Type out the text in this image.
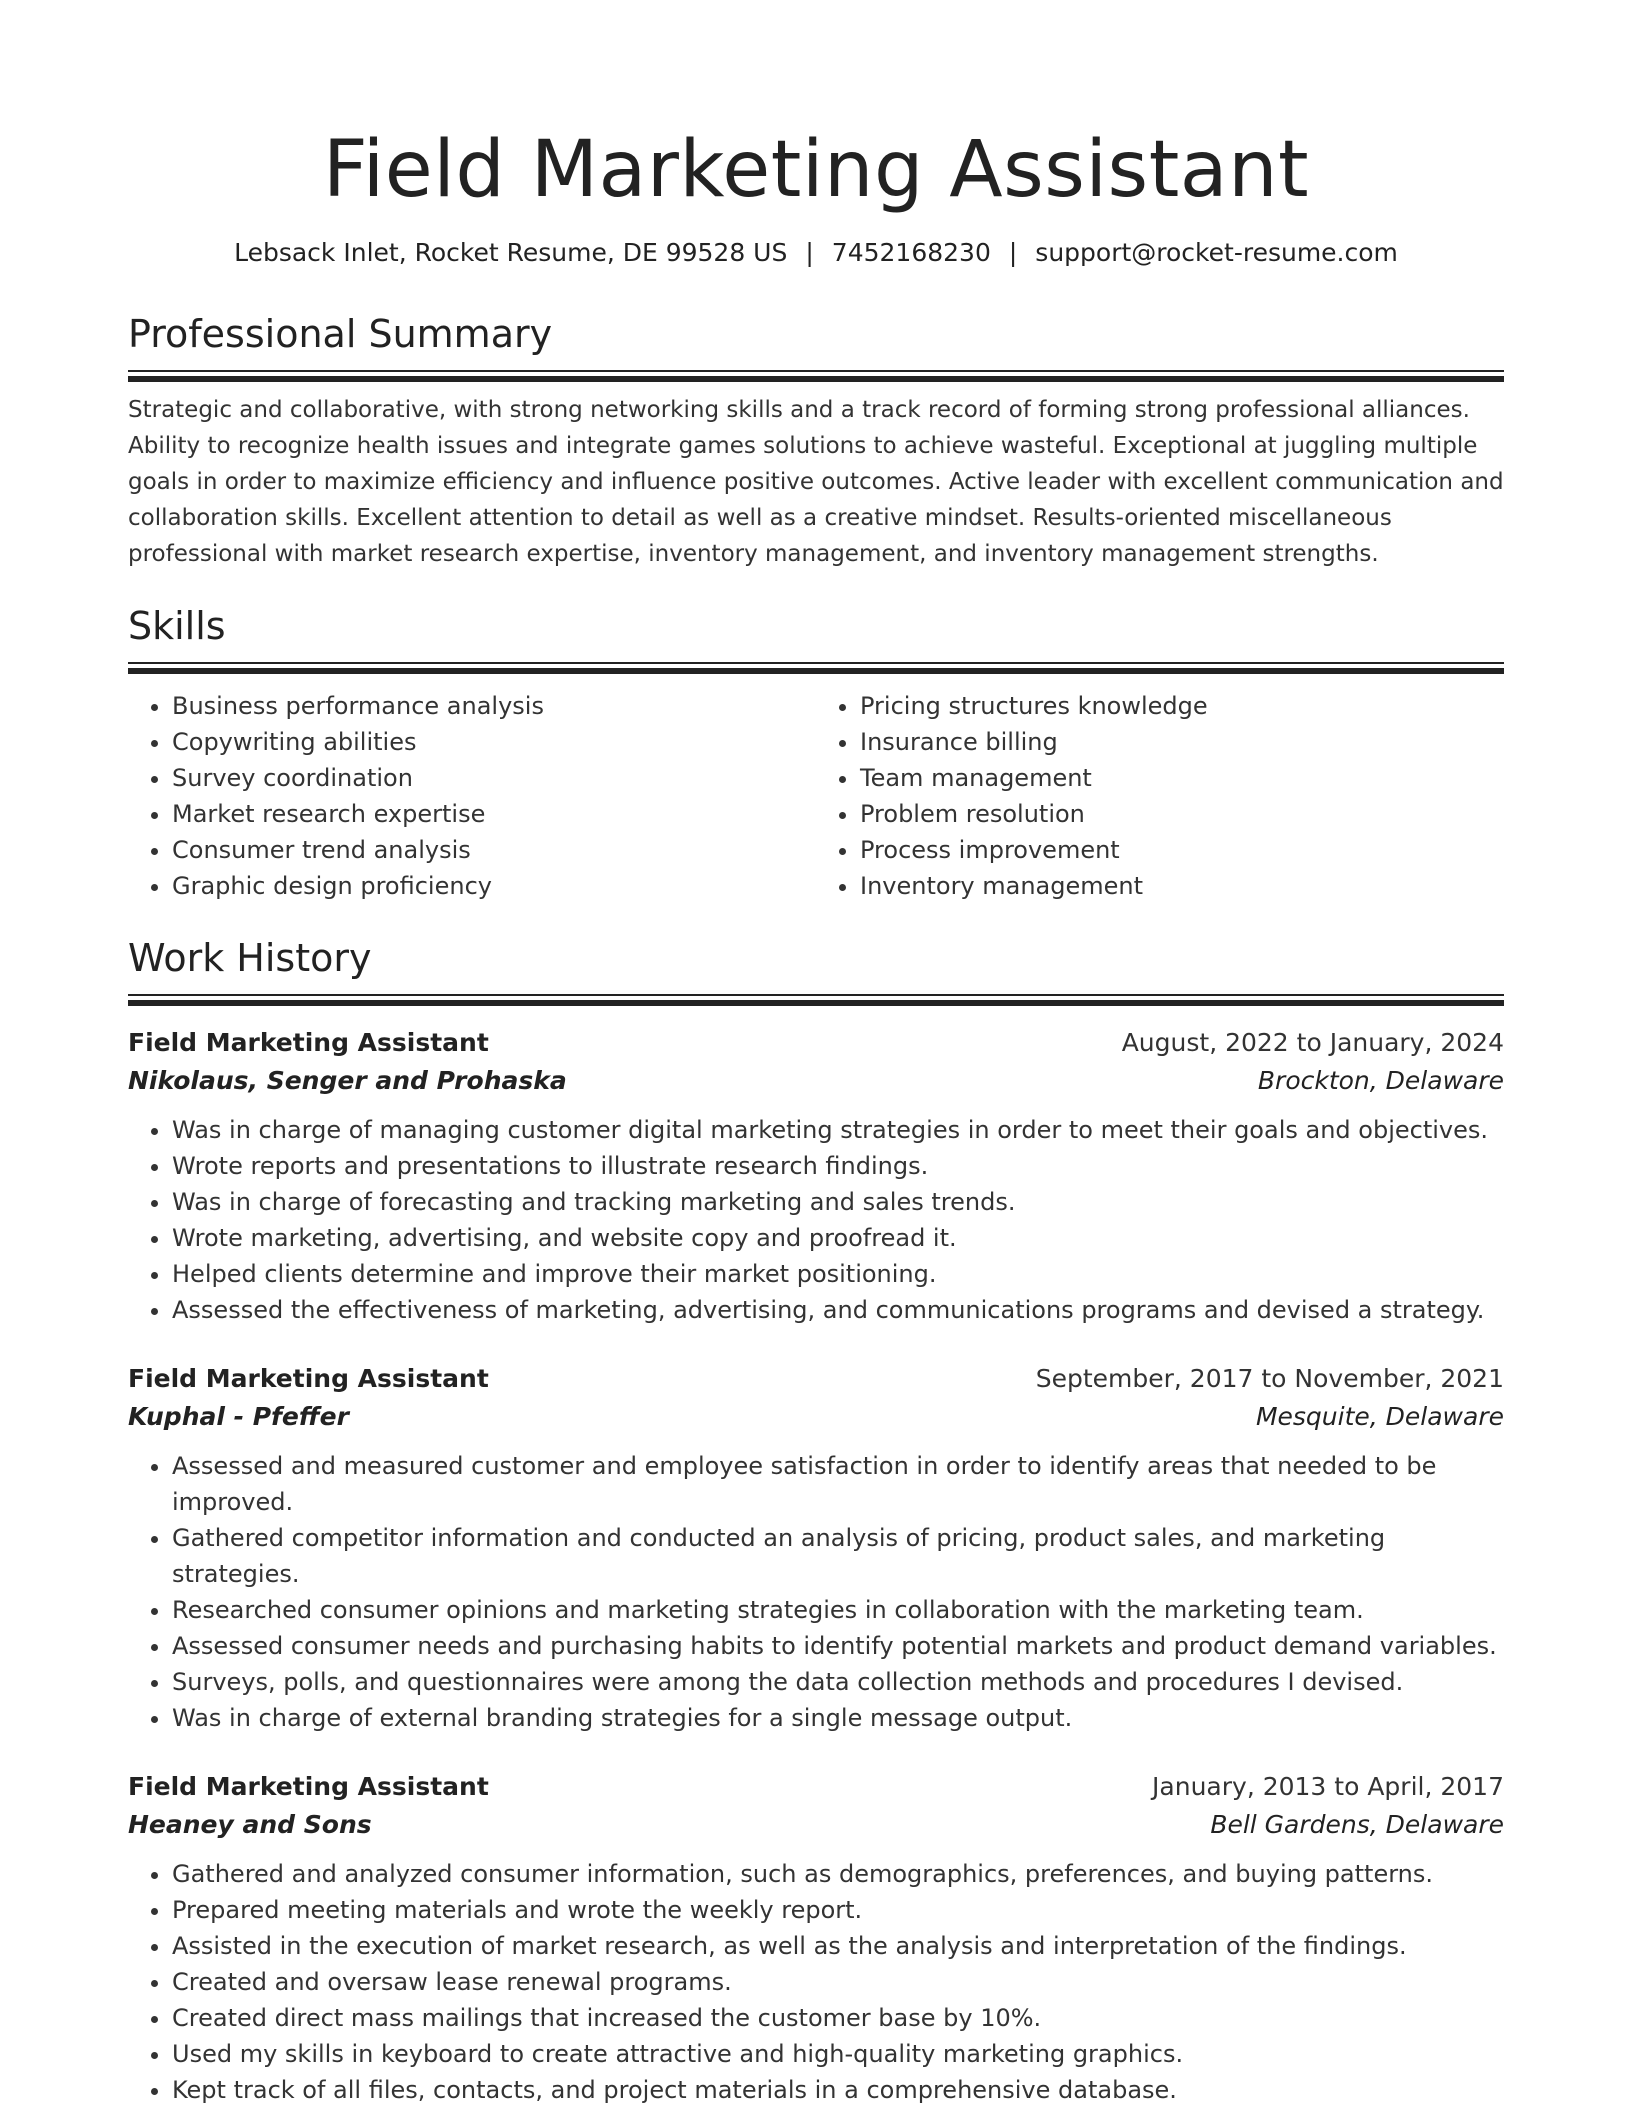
Field Marketing Assistant
Lebsack Inlet, Rocket Resume, DE 99528 US | 7452168230 | support@rocket-resume.com
Professional Summary

Strategic and collaborative, with strong networking skills and a track record of forming strong professional alliances. Ability to recognize health issues and integrate games solutions to achieve wasteful. Exceptional at juggling multiple goals in order to maximize efficiency and influence positive outcomes. Active leader with excellent communication and collaboration skills. Excellent attention to detail as well as a creative mindset. Results-oriented miscellaneous professional with market research expertise, inventory management, and inventory management strengths.

Skills
• Business performance analysis
• Copywriting abilities
• Survey coordination
• Market research expertise
• Consumer trend analysis
• Graphic design proficiency
• Pricing structures knowledge
• Insurance billing
• Team management
• Problem resolution
• Process improvement
• Inventory management
Work History
Field Marketing Assistant	August, 2022 to January, 2024
Nikolaus, Senger and Prohaska	Brockton, Delaware
• Was in charge of managing customer digital marketing strategies in order to meet their goals and objectives.
• Wrote reports and presentations to illustrate research findings.
• Was in charge of forecasting and tracking marketing and sales trends.
• Wrote marketing, advertising, and website copy and proofread it.
• Helped clients determine and improve their market positioning.
• Assessed the effectiveness of marketing, advertising, and communications programs and devised a strategy.
Field Marketing Assistant	September, 2017 to November, 2021
Kuphal - Pfeffer	Mesquite, Delaware
• Assessed and measured customer and employee satisfaction in order to identify areas that needed to be improved.
• Gathered competitor information and conducted an analysis of pricing, product sales, and marketing strategies.
• Researched consumer opinions and marketing strategies in collaboration with the marketing team.
• Assessed consumer needs and purchasing habits to identify potential markets and product demand variables.
• Surveys, polls, and questionnaires were among the data collection methods and procedures I devised.
• Was in charge of external branding strategies for a single message output.
Field Marketing Assistant	January, 2013 to April, 2017
Heaney and Sons	Bell Gardens, Delaware
• Gathered and analyzed consumer information, such as demographics, preferences, and buying patterns.
• Prepared meeting materials and wrote the weekly report.
• Assisted in the execution of market research, as well as the analysis and interpretation of the findings.
• Created and oversaw lease renewal programs.
• Created direct mass mailings that increased the customer base by 10%.
• Used my skills in keyboard to create attractive and high-quality marketing graphics.
• Kept track of all files, contacts, and project materials in a comprehensive database.
